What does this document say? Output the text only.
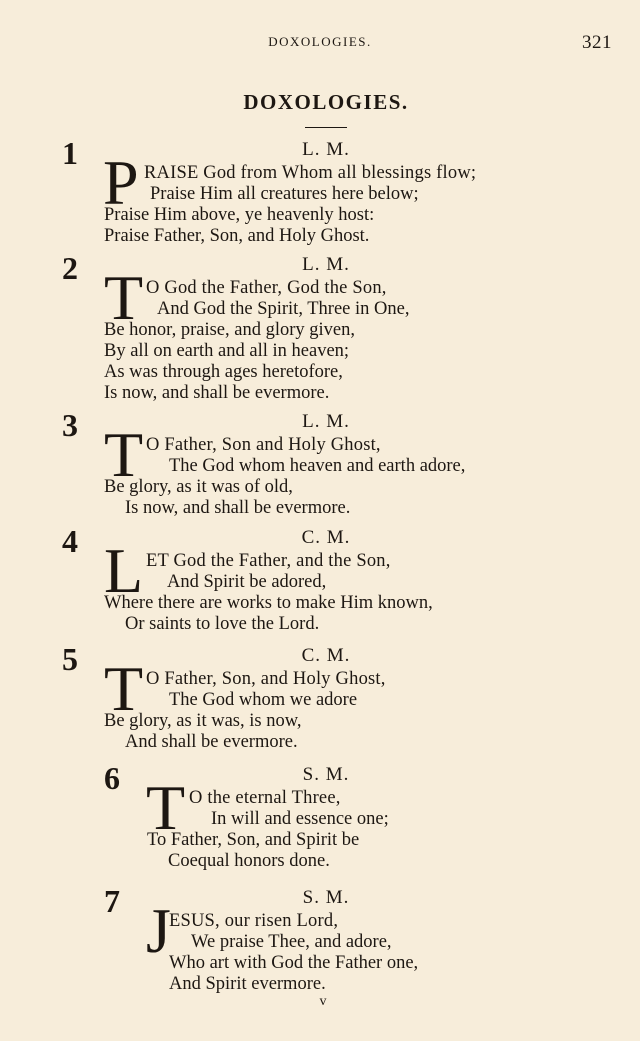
DOXOLOGIES.	321
DOXOLOGIES.
1	L. M.
P RAISE God from Whom all blessings flow;
Praise Him all creatures here below;
Praise Him above, ye heavenly host:
Praise Father, Son, and Holy Ghost.
2	L. M.
T O God the Father, God the Son,
And God the Spirit, Three in One,
Be honor, praise, and glory given,
By all on earth and all in heaven;
As was through ages heretofore,
Is now, and shall be evermore.
3	L. M.
T O Father, Son and Holy Ghost,
The God whom heaven and earth adore,
Be glory, as it was of old,
Is now, and shall be evermore.
4	C. M.
L ET God the Father, and the Son,
And Spirit be adored,
Where there are works to make Him known,
Or saints to love the Lord.
5	C. M.
T O Father, Son, and Holy Ghost,
The God whom we adore
Be glory, as it was, is now,
And shall be evermore.
6	S. M.
T O the eternal Three,
In will and essence one;
To Father, Son, and Spirit be
Coequal honors done.
7	S. M.
J
ESUS, our risen Lord,
We praise Thee, and adore,
Who art with God the Father one,
And Spirit evermore.
v
